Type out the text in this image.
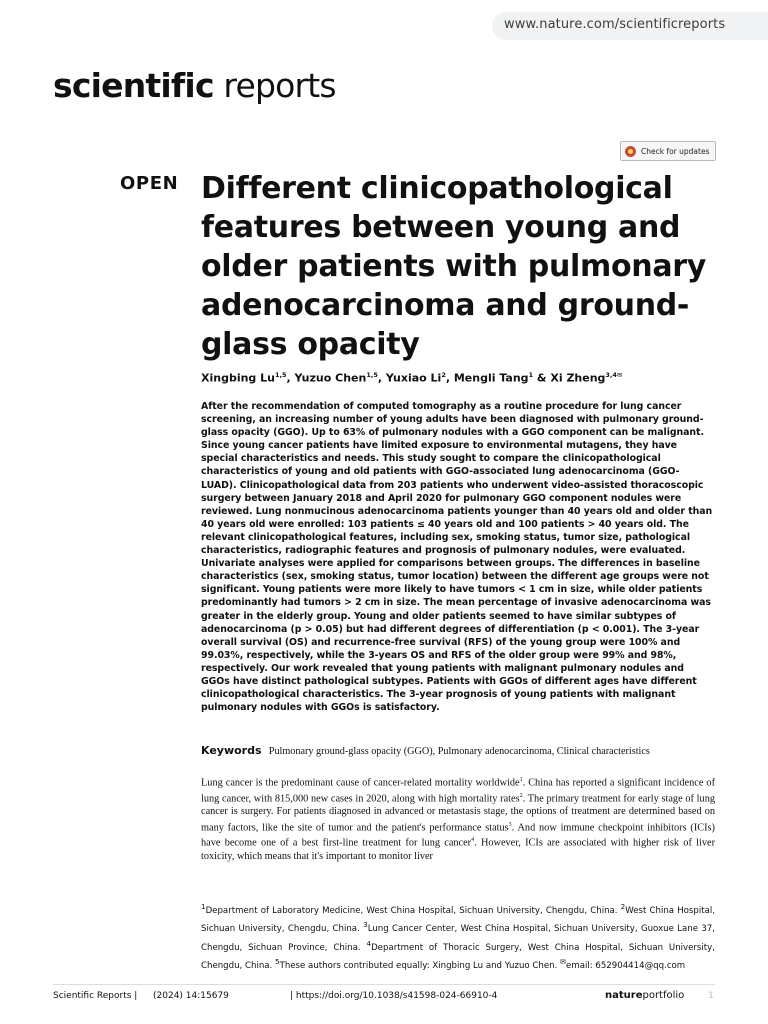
www.nature.com/scientificreports
scientific reports
Check for updates
OPEN Different clinicopathological features between young and older patients with pulmonary adenocarcinoma and ground-glass opacity
Xingbing Lu$^{1,5}$, Yuzuo Chen$^{1,5}$, Yuxiao Li$^2$, Mengli Tang$^1$ & Xi Zheng$^{3,4✉}$

After the recommendation of computed tomography as a routine procedure for lung cancer screening, an increasing number of young adults have been diagnosed with pulmonary ground-glass opacity (GGO). Up to 63% of pulmonary nodules with a GGO component can be malignant. Since young cancer patients have limited exposure to environmental mutagens, they have special characteristics and needs. This study sought to compare the clinicopathological characteristics of young and old patients with GGO-associated lung adenocarcinoma (GGO-LUAD). Clinicopathological data from 203 patients who underwent video-assisted thoracoscopic surgery between January 2018 and April 2020 for pulmonary GGO component nodules were reviewed. Lung nonmucinous adenocarcinoma patients younger than 40 years old and older than 40 years old were enrolled: 103 patients ≤ 40 years old and 100 patients > 40 years old. The relevant clinicopathological features, including sex, smoking status, tumor size, pathological characteristics, radiographic features and prognosis of pulmonary nodules, were evaluated. Univariate analyses were applied for comparisons between groups. The differences in baseline characteristics (sex, smoking status, tumor location) between the different age groups were not significant. Young patients were more likely to have tumors < 1 cm in size, while older patients predominantly had tumors > 2 cm in size. The mean percentage of invasive adenocarcinoma was greater in the elderly group. Young and older patients seemed to have similar subtypes of adenocarcinoma (p > 0.05) but had different degrees of differentiation (p < 0.001). The 3-year overall survival (OS) and recurrence-free survival (RFS) of the young group were 100% and 99.03%, respectively, while the 3-years OS and RFS of the older group were 99% and 98%, respectively. Our work revealed that young patients with malignant pulmonary nodules and GGOs have distinct pathological subtypes. Patients with GGOs of different ages have different clinicopathological characteristics. The 3-year prognosis of young patients with malignant pulmonary nodules with GGOs is satisfactory.

Keywords Pulmonary ground-glass opacity (GGO), Pulmonary adenocarcinoma, Clinical characteristics

Lung cancer is the predominant cause of cancer-related mortality worldwide$^1$. China has reported a significant incidence of lung cancer, with 815,000 new cases in 2020, along with high mortality rates$^2$. The primary treatment for early stage of lung cancer is surgery. For patients diagnosed in advanced or metastasis stage, the options of treatment are determined based on many factors, like the site of tumor and the patient's performance status$^3$. And now immune checkpoint inhibitors (ICIs) have become one of a best first-line treatment for lung cancer$^4$. However, ICIs are associated with higher risk of liver toxicity, which means that it's important to monitor liver

$^1$Department of Laboratory Medicine, West China Hospital, Sichuan University, Chengdu, China. $^2$West China Hospital, Sichuan University, Chengdu, China. $^3$Lung Cancer Center, West China Hospital, Sichuan University, Guoxue Lane 37, Chengdu, Sichuan Province, China. $^4$Department of Thoracic Surgery, West China Hospital, Sichuan University, Chengdu, China. $^5$These authors contributed equally: Xingbing Lu and Yuzuo Chen. ✉email: 652904414@qq.com

Scientific Reports | (2024) 14:15679	| https://doi.org/10.1038/s41598-024-66910-4	natureportfolio	1
